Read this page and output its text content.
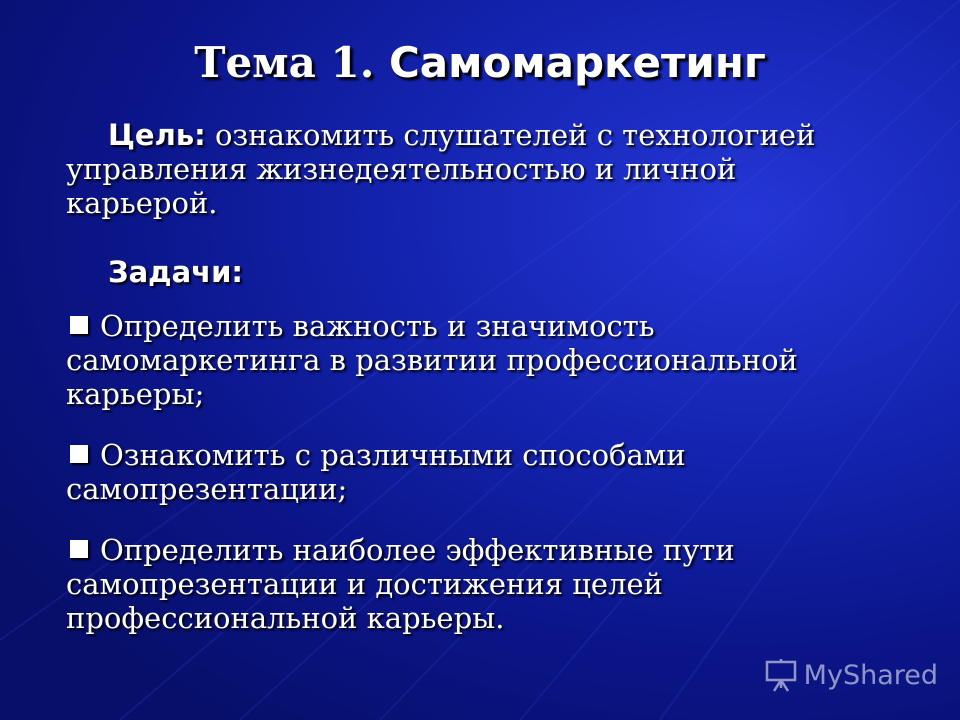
Тема 1. Самомаркетинг
Цель: ознакомить слушателей с технологией
управления жизнедеятельностью и личной карьерой.
Задачи:
Определить важность и значимость самомаркетинга в развитии профессиональной карьеры;
Ознакомить с различными способами самопрезентации;
Определить наиболее эффективные пути самопрезентации и достижения целей профессиональной карьеры.
MyShared
